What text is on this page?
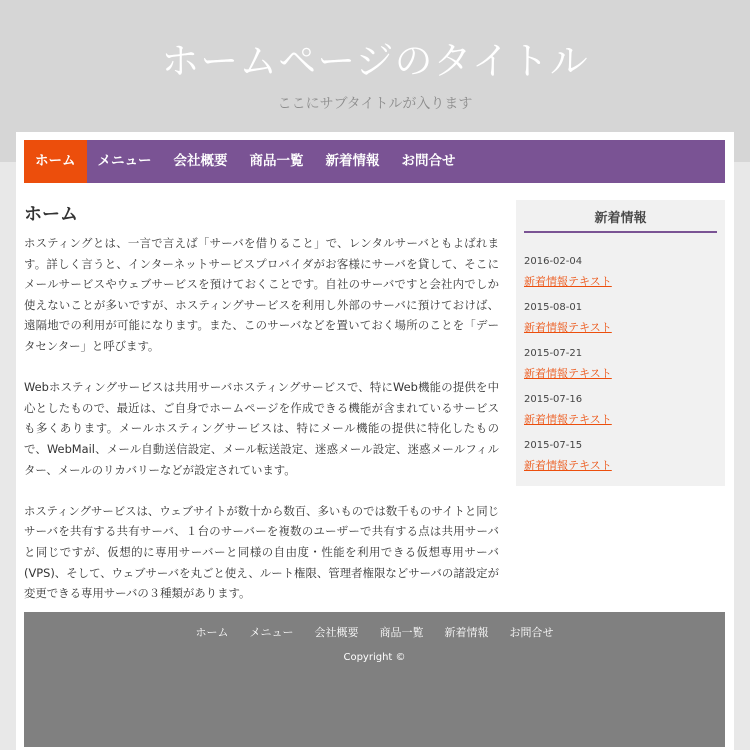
ホームページのタイトル
ここにサブタイトルが入ります
ホーム	メニュー	会社概要	商品一覧	新着情報	お問合せ
ホーム

ホスティングとは、一言で言えば「サーバを借りること」で、レンタルサーバともよばれます。詳しく言うと、インターネットサービスプロバイダがお客様にサーバを貸して、そこにメールサービスやウェブサービスを預けておくことです。自社のサーバですと会社内でしか使えないことが多いですが、ホスティングサービスを利用し外部のサーバに預けておけば、遠隔地での利用が可能になります。また、このサーバなどを置いておく場所のことを「データセンター」と呼びます。

Webホスティングサービスは共用サーバホスティングサービスで、特にWeb機能の提供を中心としたもので、最近は、ご自身でホームページを作成できる機能が含まれているサービスも多くあります。メールホスティングサービスは、特にメール機能の提供に特化したもので、WebMail、メール自動送信設定、メール転送設定、迷惑メール設定、迷惑メールフィルター、メールのリカバリーなどが設定されています。

ホスティングサービスは、ウェブサイトが数十から数百、多いものでは数千ものサイトと同じサーバを共有する共有サーバ、１台のサーバーを複数のユーザーで共有する点は共用サーバと同じですが、仮想的に専用サーバーと同様の自由度・性能を利用できる仮想専用サーバ(VPS)、そして、ウェブサーバを丸ごと使え、ルート権限、管理者権限などサーバの諸設定が変更できる専用サーバの３種類があります。

新着情報
2016-02-04
新着情報テキスト
2015-08-01
新着情報テキスト
2015-07-21
新着情報テキスト
2015-07-16
新着情報テキスト
2015-07-15
新着情報テキスト
ホーム メニュー 会社概要 商品一覧 新着情報 お問合せ
Copyright ©
